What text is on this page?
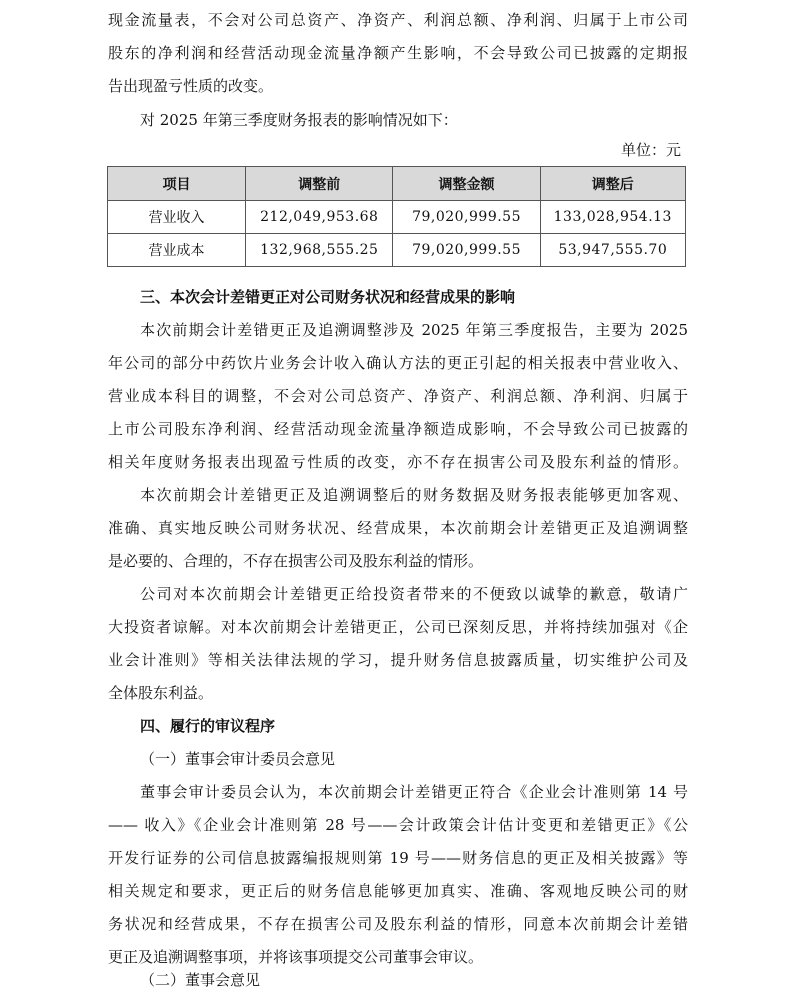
现金流量表，不会对公司总资产、净资产、利润总额、净利润、归属于上市公司
股东的净利润和经营活动现金流量净额产生影响，不会导致公司已披露的定期报
告出现盈亏性质的改变。
对 2025 年第三季度财务报表的影响情况如下：
单位：元
项目	调整前	调整金额	调整后
营业收入	212,049,953.68	79,020,999.55	133,028,954.13
营业成本	132,968,555.25	79,020,999.55	53,947,555.70
三、本次会计差错更正对公司财务状况和经营成果的影响
本次前期会计差错更正及追溯调整涉及 2025 年第三季度报告，主要为 2025
年公司的部分中药饮片业务会计收入确认方法的更正引起的相关报表中营业收入、
营业成本科目的调整，不会对公司总资产、净资产、利润总额、净利润、归属于
上市公司股东净利润、经营活动现金流量净额造成影响，不会导致公司已披露的
相关年度财务报表出现盈亏性质的改变，亦不存在损害公司及股东利益的情形。
本次前期会计差错更正及追溯调整后的财务数据及财务报表能够更加客观、
准确、真实地反映公司财务状况、经营成果，本次前期会计差错更正及追溯调整
是必要的、合理的，不存在损害公司及股东利益的情形。
公司对本次前期会计差错更正给投资者带来的不便致以诚挚的歉意，敬请广
大投资者谅解。对本次前期会计差错更正，公司已深刻反思，并将持续加强对《企
业会计准则》等相关法律法规的学习，提升财务信息披露质量，切实维护公司及
全体股东利益。
四、履行的审议程序
（一）董事会审计委员会意见
董事会审计委员会认为，本次前期会计差错更正符合《企业会计准则第 14 号
—— 收入》《企业会计准则第 28 号——会计政策会计估计变更和差错更正》《公
开发行证券的公司信息披露编报规则第 19 号——财务信息的更正及相关披露》等
相关规定和要求，更正后的财务信息能够更加真实、准确、客观地反映公司的财
务状况和经营成果，不存在损害公司及股东利益的情形，同意本次前期会计差错
更正及追溯调整事项，并将该事项提交公司董事会审议。
（二）董事会意见
